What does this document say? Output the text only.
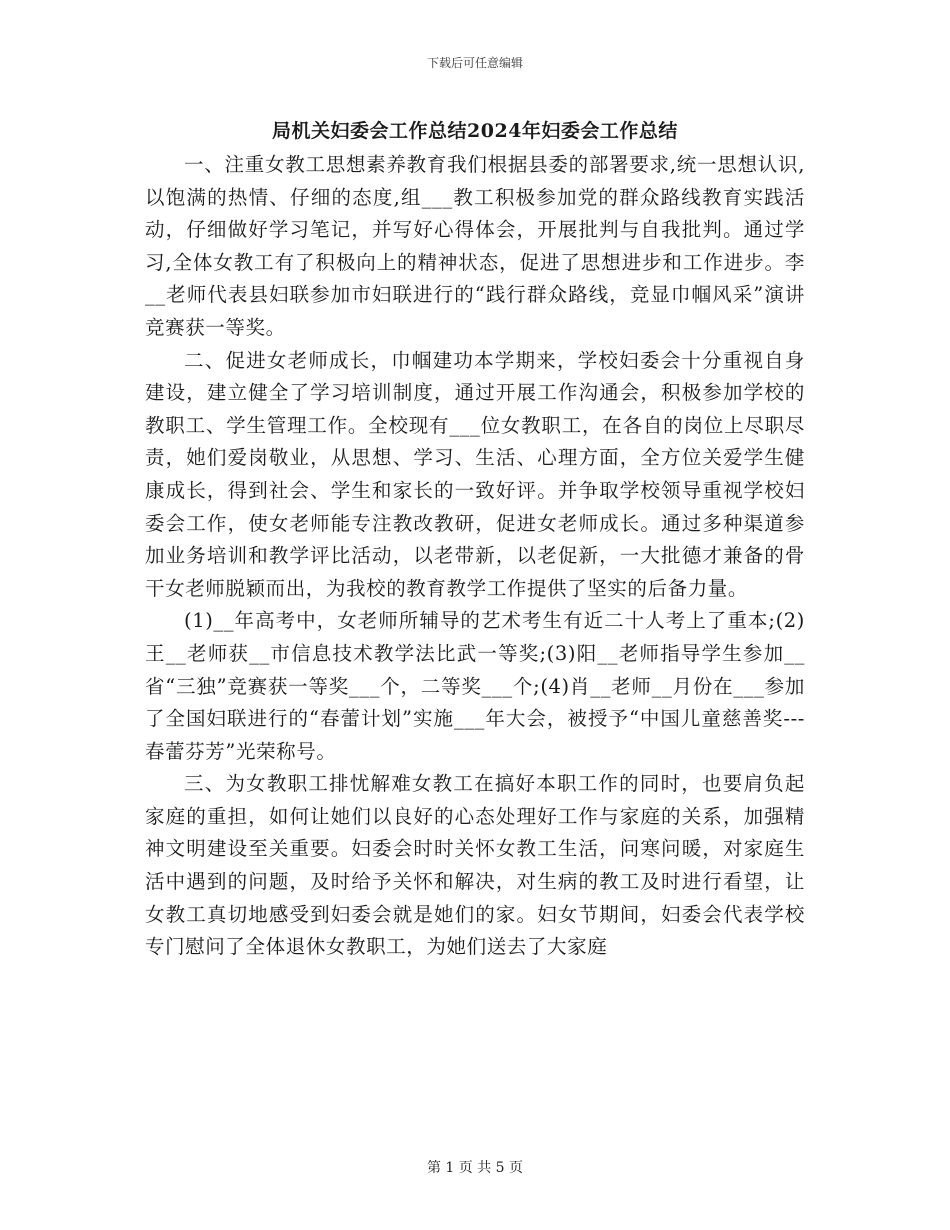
下载后可任意编辑
局机关妇委会工作总结2024年妇委会工作总结

一、注重女教工思想素养教育我们根据县委的部署要求,统一思想认识,以饱满的热情、仔细的态度,组___教工积极参加党的群众路线教育实践活动，仔细做好学习笔记，并写好心得体会，开展批判与自我批判。通过学习,全体女教工有了积极向上的精神状态，促进了思想进步和工作进步。李__老师代表县妇联参加市妇联进行的“践行群众路线，竞显巾帼风采”演讲竞赛获一等奖。

二、促进女老师成长，巾帼建功本学期来，学校妇委会十分重视自身建设，建立健全了学习培训制度，通过开展工作沟通会，积极参加学校的教职工、学生管理工作。全校现有___位女教职工，在各自的岗位上尽职尽责，她们爱岗敬业，从思想、学习、生活、心理方面，全方位关爱学生健康成长，得到社会、学生和家长的一致好评。并争取学校领导重视学校妇委会工作，使女老师能专注教改教研，促进女老师成长。通过多种渠道参加业务培训和教学评比活动，以老带新，以老促新，一大批德才兼备的骨干女老师脱颖而出，为我校的教育教学工作提供了坚实的后备力量。

(1)__年高考中，女老师所辅导的艺术考生有近二十人考上了重本;(2)王__老师获__市信息技术教学法比武一等奖;(3)阳__老师指导学生参加__省“三独”竞赛获一等奖___个，二等奖___个;(4)肖__老师__月份在___参加了全国妇联进行的“春蕾计划”实施___年大会，被授予“中国儿童慈善奖---春蕾芬芳”光荣称号。

三、为女教职工排忧解难女教工在搞好本职工作的同时，也要肩负起家庭的重担，如何让她们以良好的心态处理好工作与家庭的关系，加强精神文明建设至关重要。妇委会时时关怀女教工生活，问寒问暖，对家庭生活中遇到的问题，及时给予关怀和解决，对生病的教工及时进行看望，让女教工真切地感受到妇委会就是她们的家。妇女节期间，妇委会代表学校专门慰问了全体退休女教职工，为她们送去了大家庭

第 1 页 共 5 页
